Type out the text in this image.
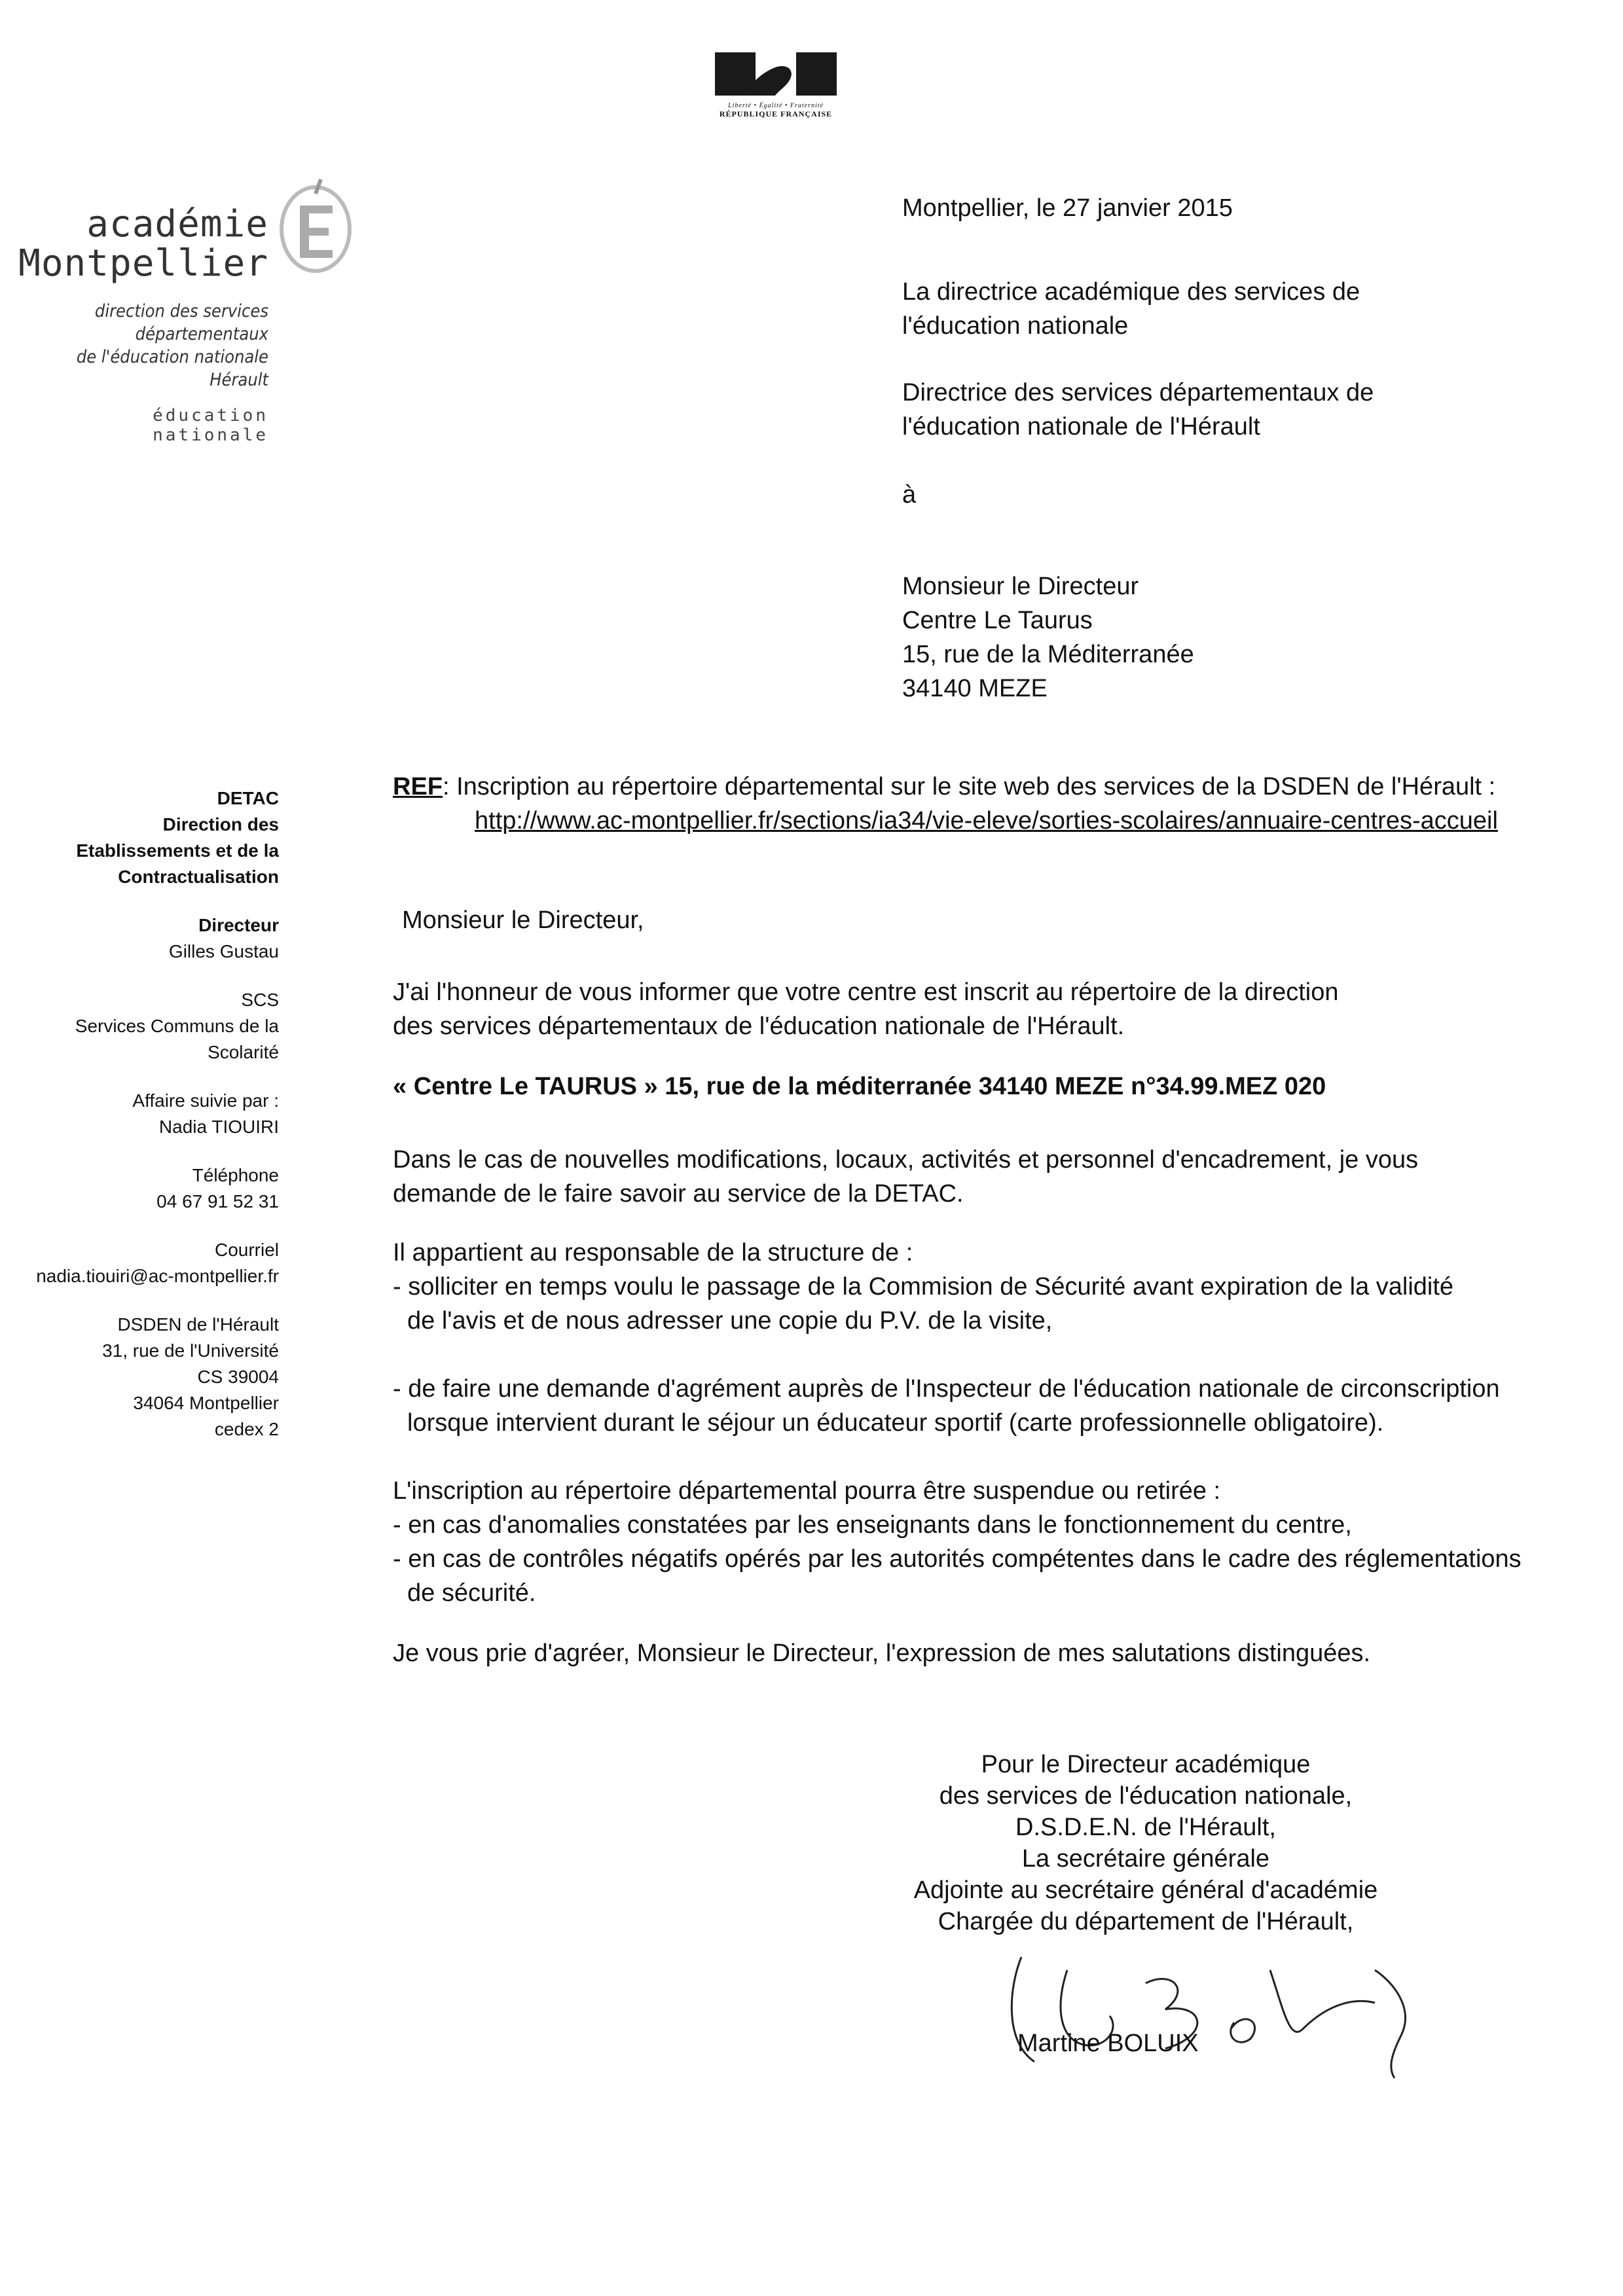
Liberté • Égalité • Fraternité
RÉPUBLIQUE FRANÇAISE
académie
Montpellier
direction des services
départementaux
de l'éducation nationale
Hérault
éducation
nationale
Montpellier, le 27 janvier 2015
La directrice académique des services de
l'éducation nationale
Directrice des services départementaux de
l'éducation nationale de l'Hérault
à
Monsieur le Directeur
Centre Le Taurus
15, rue de la Méditerranée
34140 MEZE
DETAC
Direction des
Etablissements et de la
Contractualisation
Directeur
Gilles Gustau
SCS
Services Communs de la
Scolarité
Affaire suivie par :
Nadia TIOUIRI
Téléphone
04 67 91 52 31
Courriel
nadia.tiouiri@ac-montpellier.fr
DSDEN de l'Hérault
31, rue de l'Université
CS 39004
34064 Montpellier
cedex 2
REF: Inscription au répertoire départemental sur le site web des services de la DSDEN de l'Hérault :
http://www.ac-montpellier.fr/sections/ia34/vie-eleve/sorties-scolaires/annuaire-centres-accueil
Monsieur le Directeur,
J'ai l'honneur de vous informer que votre centre est inscrit au répertoire de la direction
des services départementaux de l'éducation nationale de l'Hérault.
« Centre Le TAURUS » 15, rue de la méditerranée 34140 MEZE n°34.99.MEZ 020
Dans le cas de nouvelles modifications, locaux, activités et personnel d'encadrement, je vous
demande de le faire savoir au service de la DETAC.
Il appartient au responsable de la structure de :
- solliciter en temps voulu le passage de la Commision de Sécurité avant expiration de la validité
de l'avis et de nous adresser une copie du P.V. de la visite,
- de faire une demande d'agrément auprès de l'Inspecteur de l'éducation nationale de circonscription
lorsque intervient durant le séjour un éducateur sportif (carte professionnelle obligatoire).
L'inscription au répertoire départemental pourra être suspendue ou retirée :
- en cas d'anomalies constatées par les enseignants dans le fonctionnement du centre,
- en cas de contrôles négatifs opérés par les autorités compétentes dans le cadre des réglementations
de sécurité.
Je vous prie d'agréer, Monsieur le Directeur, l'expression de mes salutations distinguées.
Pour le Directeur académique
des services de l'éducation nationale,
D.S.D.E.N. de l'Hérault,
La secrétaire générale
Adjointe au secrétaire général d'académie
Chargée du département de l'Hérault,
Martine BOLUIX
